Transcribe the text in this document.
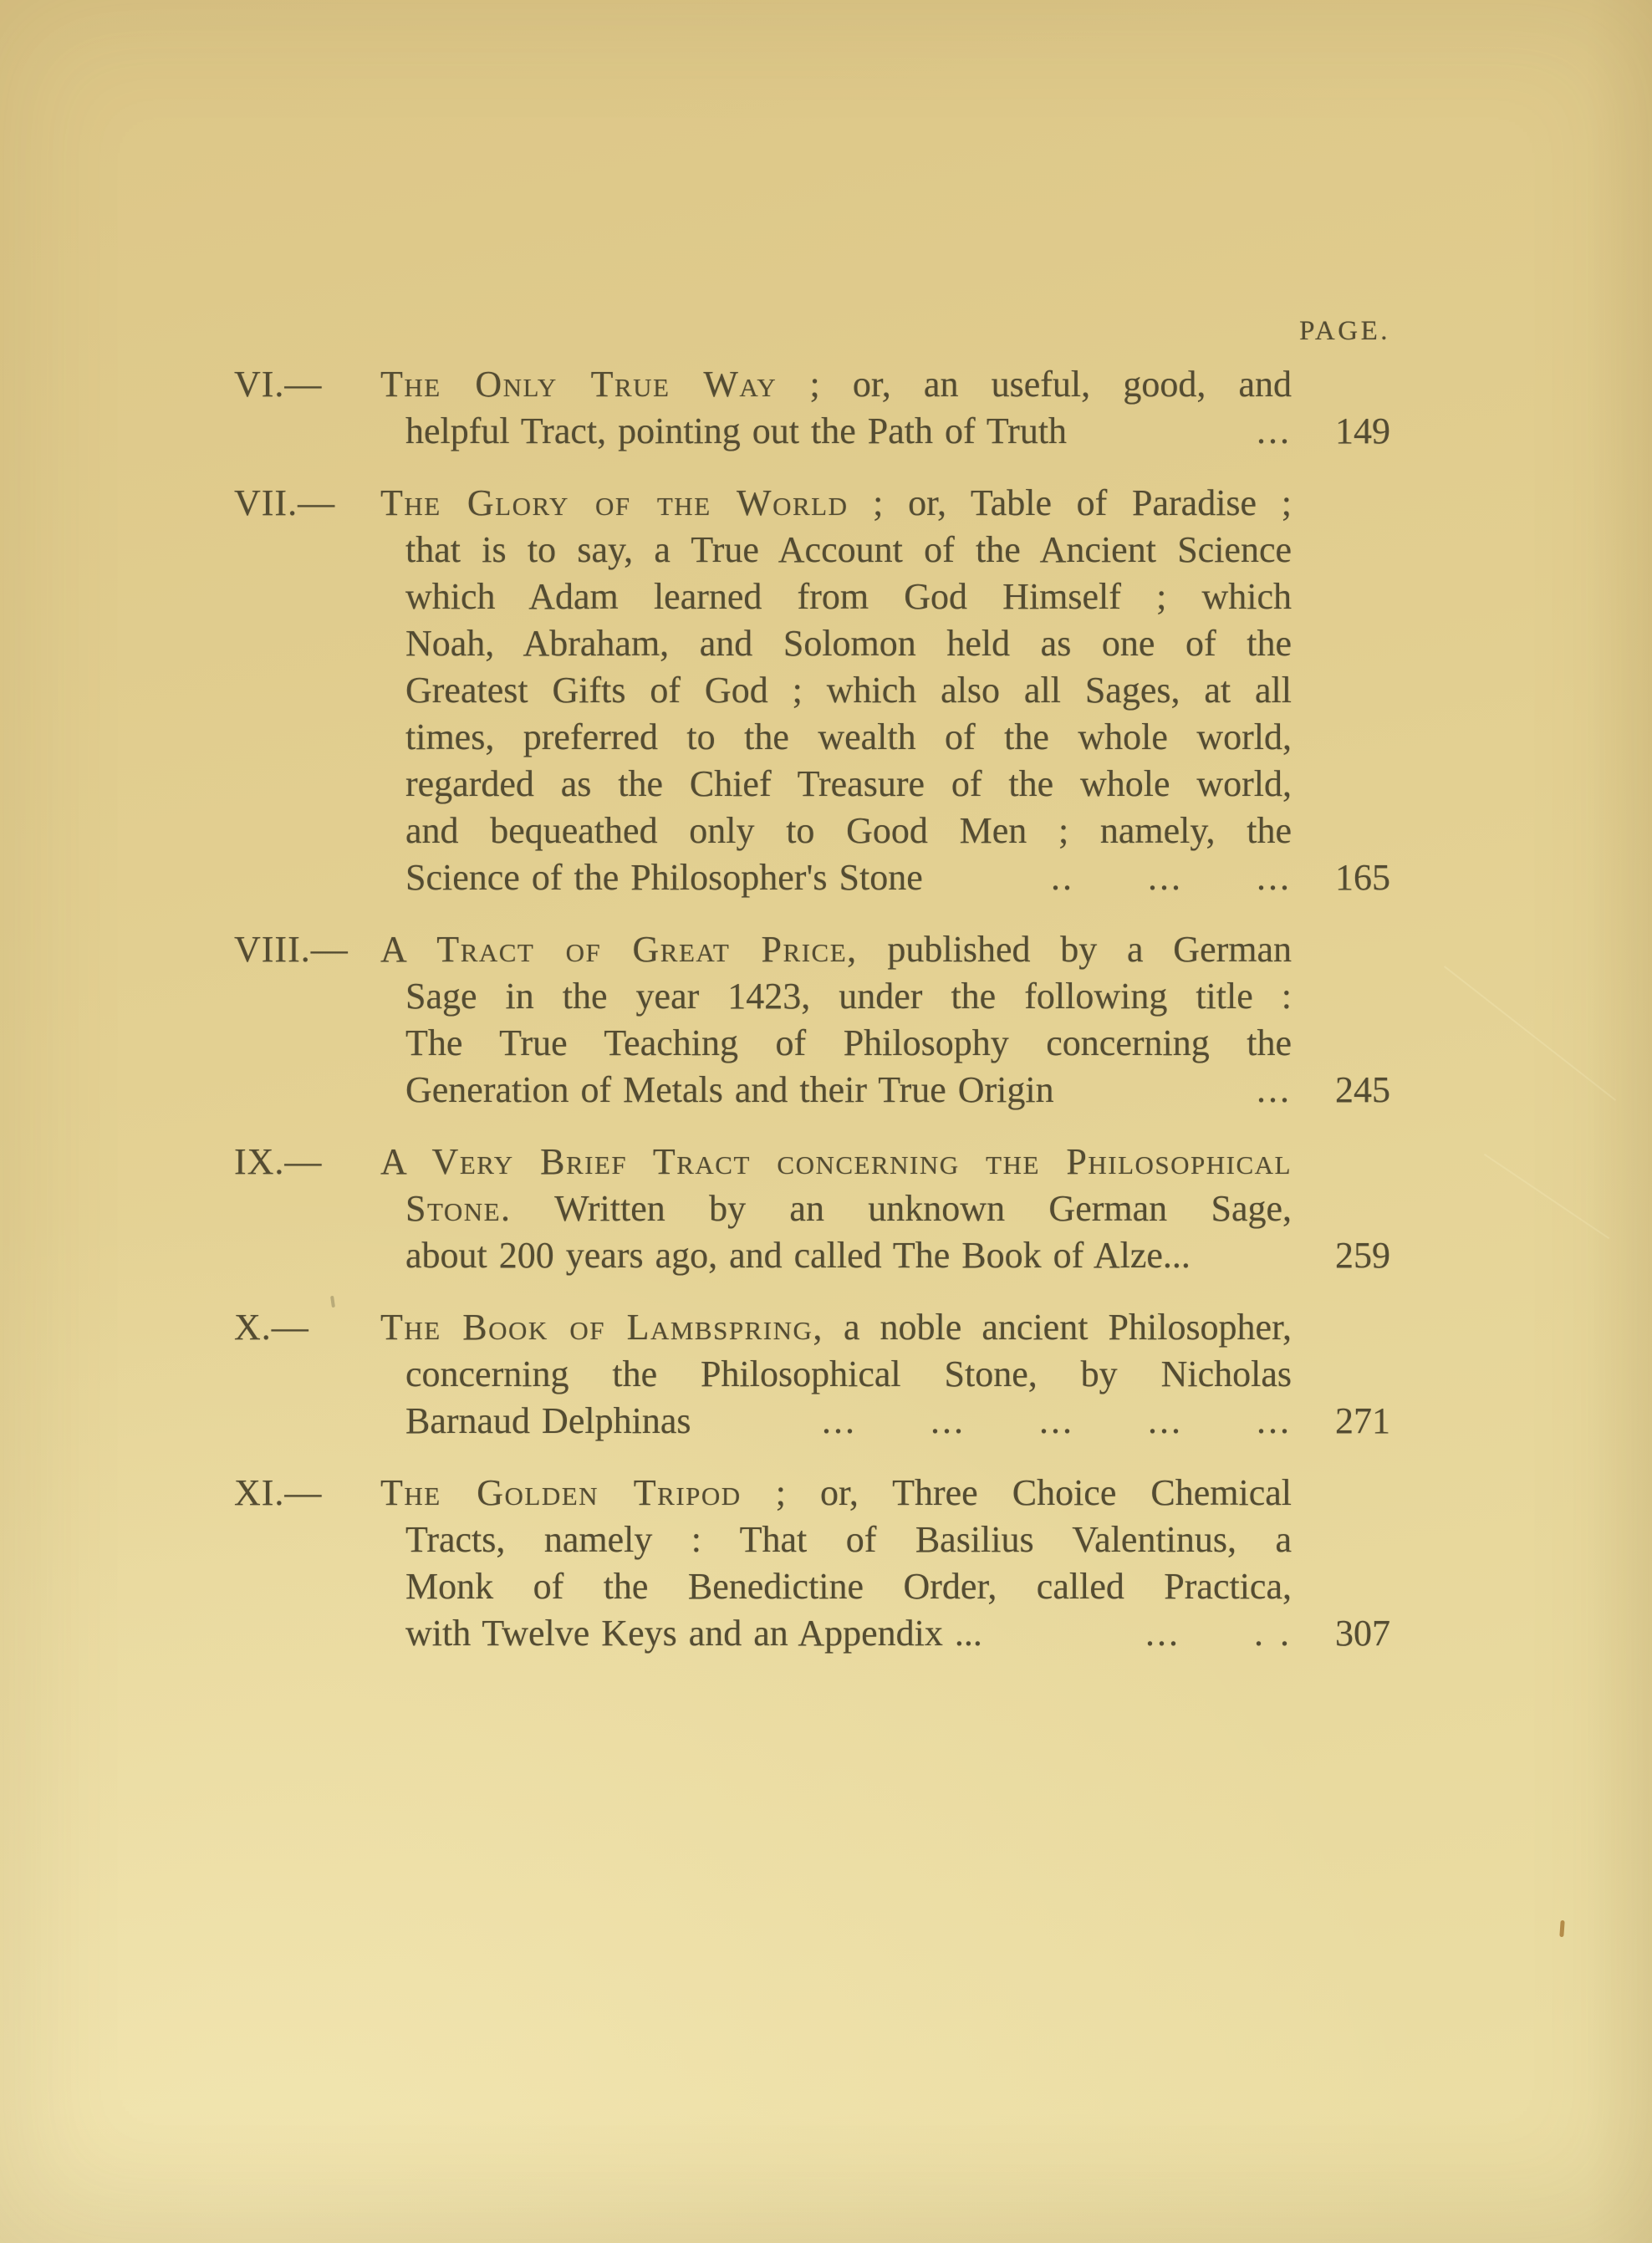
PAGE.
VI.— The Only True Way ; or, an useful, good, and
helpful Tract, pointing out the Path of Truth	...	149
VII.— The Glory of the World ; or, Table of Paradise ;
that is to say, a True Account of the Ancient Science
which Adam learned from God Himself ; which
Noah, Abraham, and Solomon held as one of the
Greatest Gifts of God ; which also all Sages, at all
times, preferred to the wealth of the whole world,
regarded as the Chief Treasure of the whole world,
and bequeathed only to Good Men ; namely, the
Science of the Philosopher's Stone	.. ... ...	165
VIII.— A Tract of Great Price, published by a German
Sage in the year 1423, under the following title :
The True Teaching of Philosophy concerning the
Generation of Metals and their True Origin	...	245
IX.— A Very Brief Tract concerning the Philosophical
Stone. Written by an unknown German Sage,
about 200 years ago, and called The Book of Alze...	259
X.— The Book of Lambspring, a noble ancient Philosopher,
concerning the Philosophical Stone, by Nicholas
Barnaud Delphinas	... ... ... ... ...	271
XI.— The Golden Tripod ; or, Three Choice Chemical
Tracts, namely : That of Basilius Valentinus, a
Monk of the Benedictine Order, called Practica,
with Twelve Keys and an Appendix ...	... . .	307
